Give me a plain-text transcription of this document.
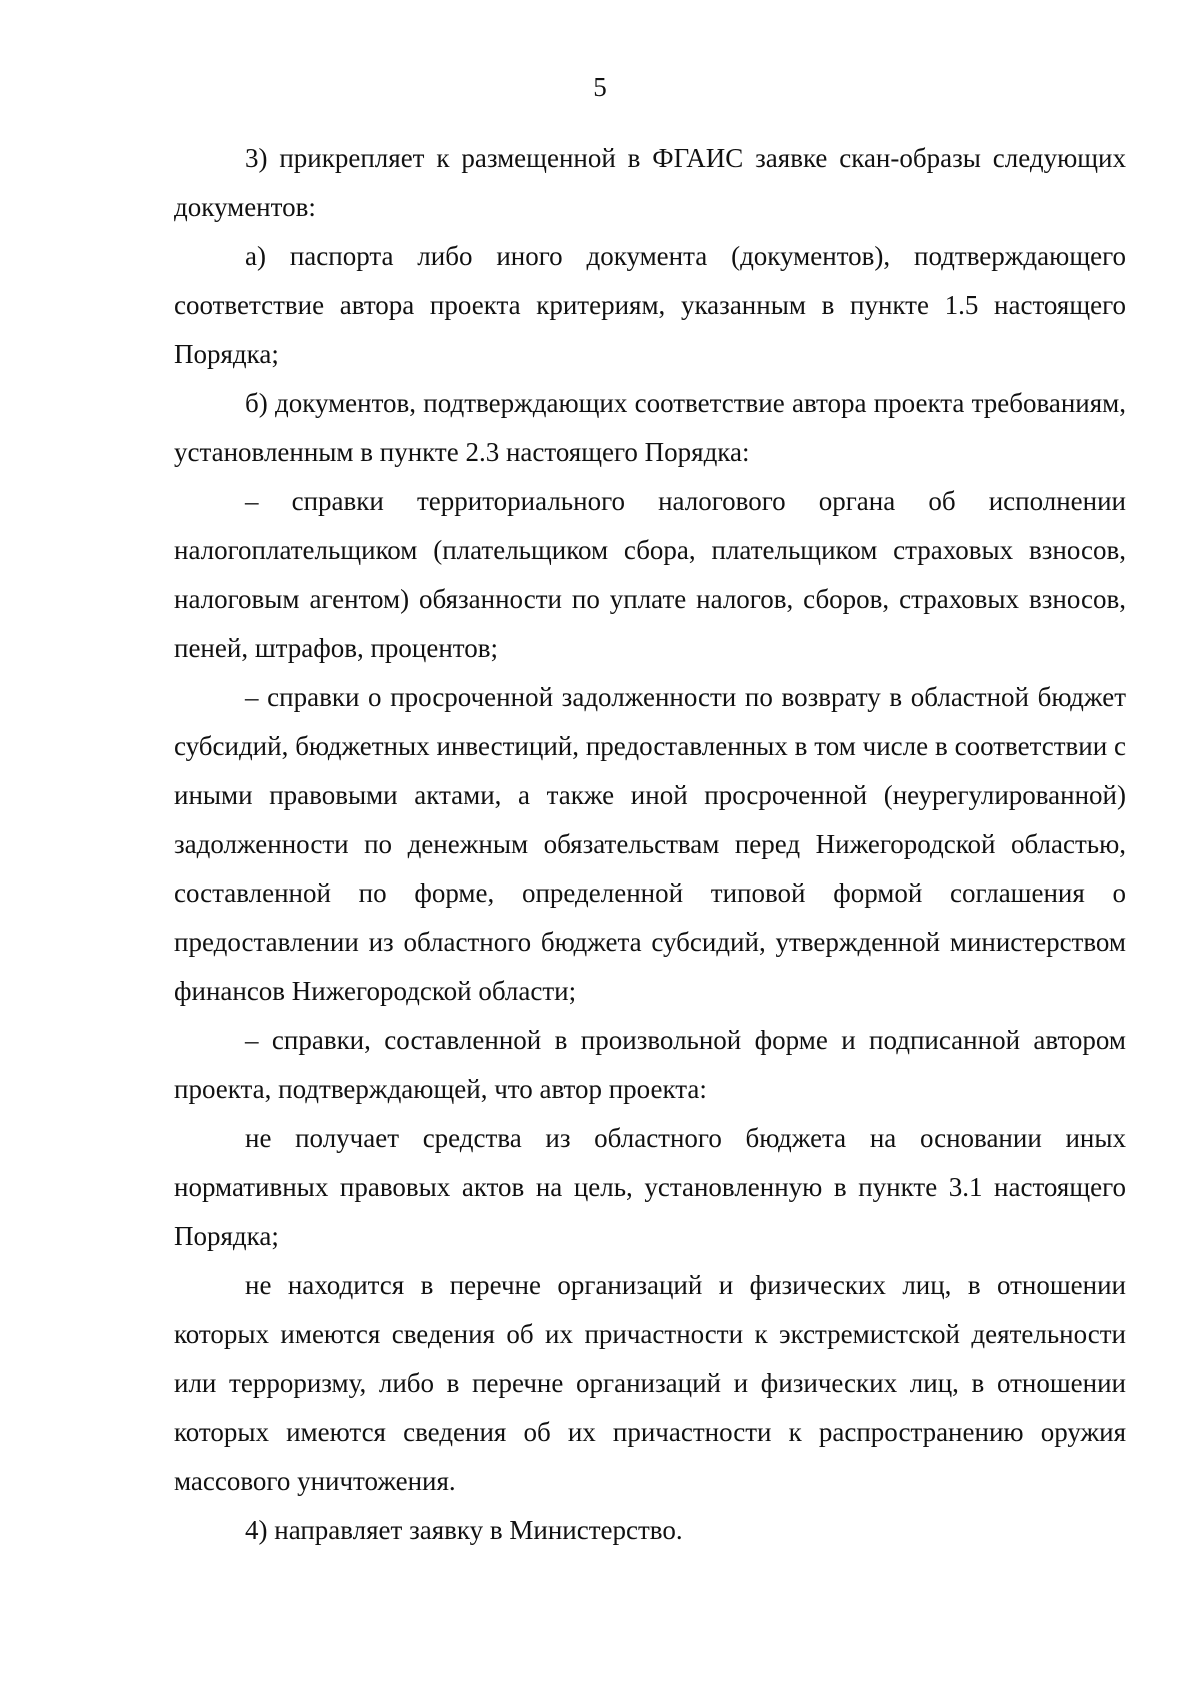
5

3) прикрепляет к размещенной в ФГАИС заявке скан-образы следующих документов:

а) паспорта либо иного документа (документов), подтверждающего соответствие автора проекта критериям, указанным в пункте 1.5 настоящего Порядка;

б) документов, подтверждающих соответствие автора проекта требованиям, установленным в пункте 2.3 настоящего Порядка:

– справки территориального налогового органа об исполнении налогоплательщиком (плательщиком сбора, плательщиком страховых взносов, налоговым агентом) обязанности по уплате налогов, сборов, страховых взносов, пеней, штрафов, процентов;

– справки о просроченной задолженности по возврату в областной бюджет субсидий, бюджетных инвестиций, предоставленных в том числе в соответствии с иными правовыми актами, а также иной просроченной (неурегулированной) задолженности по денежным обязательствам перед Нижегородской областью, составленной по форме, определенной типовой формой соглашения о предоставлении из областного бюджета субсидий, утвержденной министерством финансов Нижегородской области;

– справки, составленной в произвольной форме и подписанной автором проекта, подтверждающей, что автор проекта:

не получает средства из областного бюджета на основании иных нормативных правовых актов на цель, установленную в пункте 3.1 настоящего Порядка;

не находится в перечне организаций и физических лиц, в отношении которых имеются сведения об их причастности к экстремистской деятельности или терроризму, либо в перечне организаций и физических лиц, в отношении которых имеются сведения об их причастности к распространению оружия массового уничтожения.

4) направляет заявку в Министерство.
